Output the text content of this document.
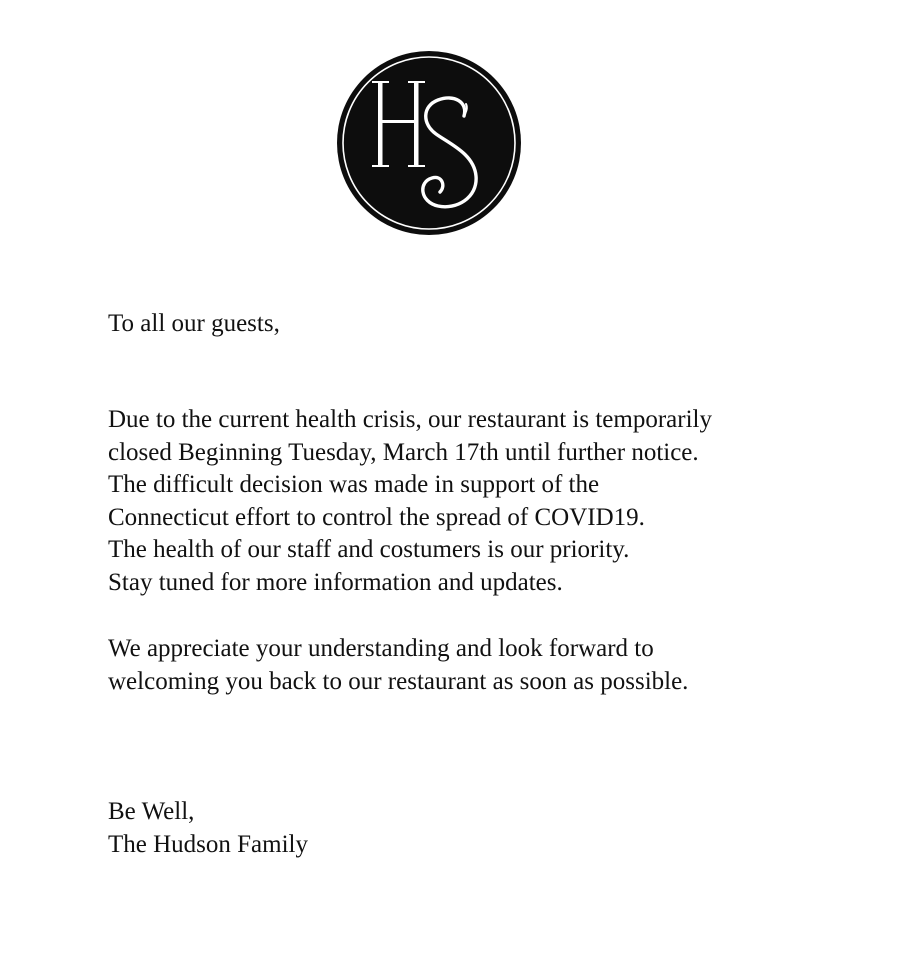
To all our guests,
Due to the current health crisis, our restaurant is temporarily
closed Beginning Tuesday, March 17th until further notice.
The difficult decision was made in support of the
Connecticut effort to control the spread of COVID19.
The health of our staff and costumers is our priority.
Stay tuned for more information and updates.
We appreciate your understanding and look forward to
welcoming you back to our restaurant as soon as possible.
Be Well,
The Hudson Family
